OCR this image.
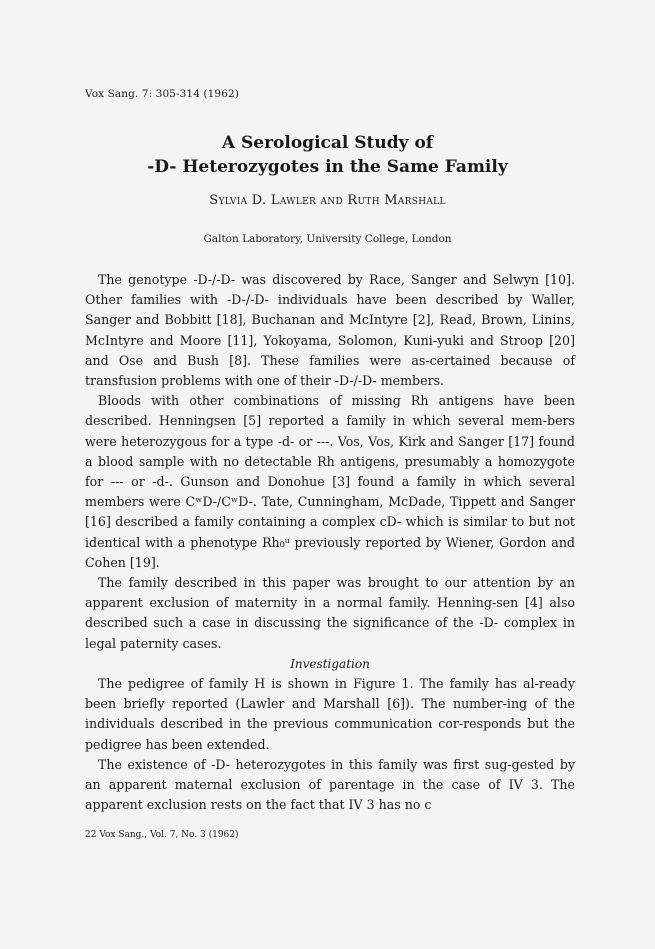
Vox Sang. 7: 305-314 (1962)
A Serological Study of
-D- Heterozygotes in the Same Family
Sylvia D. Lawler and Ruth Marshall
Galton Laboratory, University College, London

The genotype -D-/-D- was discovered by Race, Sanger and Selwyn [10]. Other families with -D-/-D- individuals have been described by Waller, Sanger and Bobbitt [18], Buchanan and McIntyre [2], Read, Brown, Linins, McIntyre and Moore [11], Yokoyama, Solomon, Kuni-yuki and Stroop [20] and Ose and Bush [8]. These families were as-certained because of transfusion problems with one of their -D-/-D- members.

Bloods with other combinations of missing Rh antigens have been described. Henningsen [5] reported a family in which several mem-bers were heterozygous for a type -d- or ---. Vos, Vos, Kirk and Sanger [17] found a blood sample with no detectable Rh antigens, presumably a homozygote for --- or -d-. Gunson and Donohue [3] found a family in which several members were CʷD-/CʷD-. Tate, Cunningham, McDade, Tippett and Sanger [16] described a family containing a complex cD- which is similar to but not identical with a phenotype Rh₀ᵘ previously reported by Wiener, Gordon and Cohen [19].

The family described in this paper was brought to our attention by an apparent exclusion of maternity in a normal family. Henning-sen [4] also described such a case in discussing the significance of the -D- complex in legal paternity cases.

Investigation

The pedigree of family H is shown in Figure 1. The family has al-ready been briefly reported (Lawler and Marshall [6]). The number-ing of the individuals described in the previous communication cor-responds but the pedigree has been extended.

The existence of -D- heterozygotes in this family was first sug-gested by an apparent maternal exclusion of parentage in the case of IV 3. The apparent exclusion rests on the fact that IV 3 has no c

22 Vox Sang., Vol. 7, No. 3 (1962)
